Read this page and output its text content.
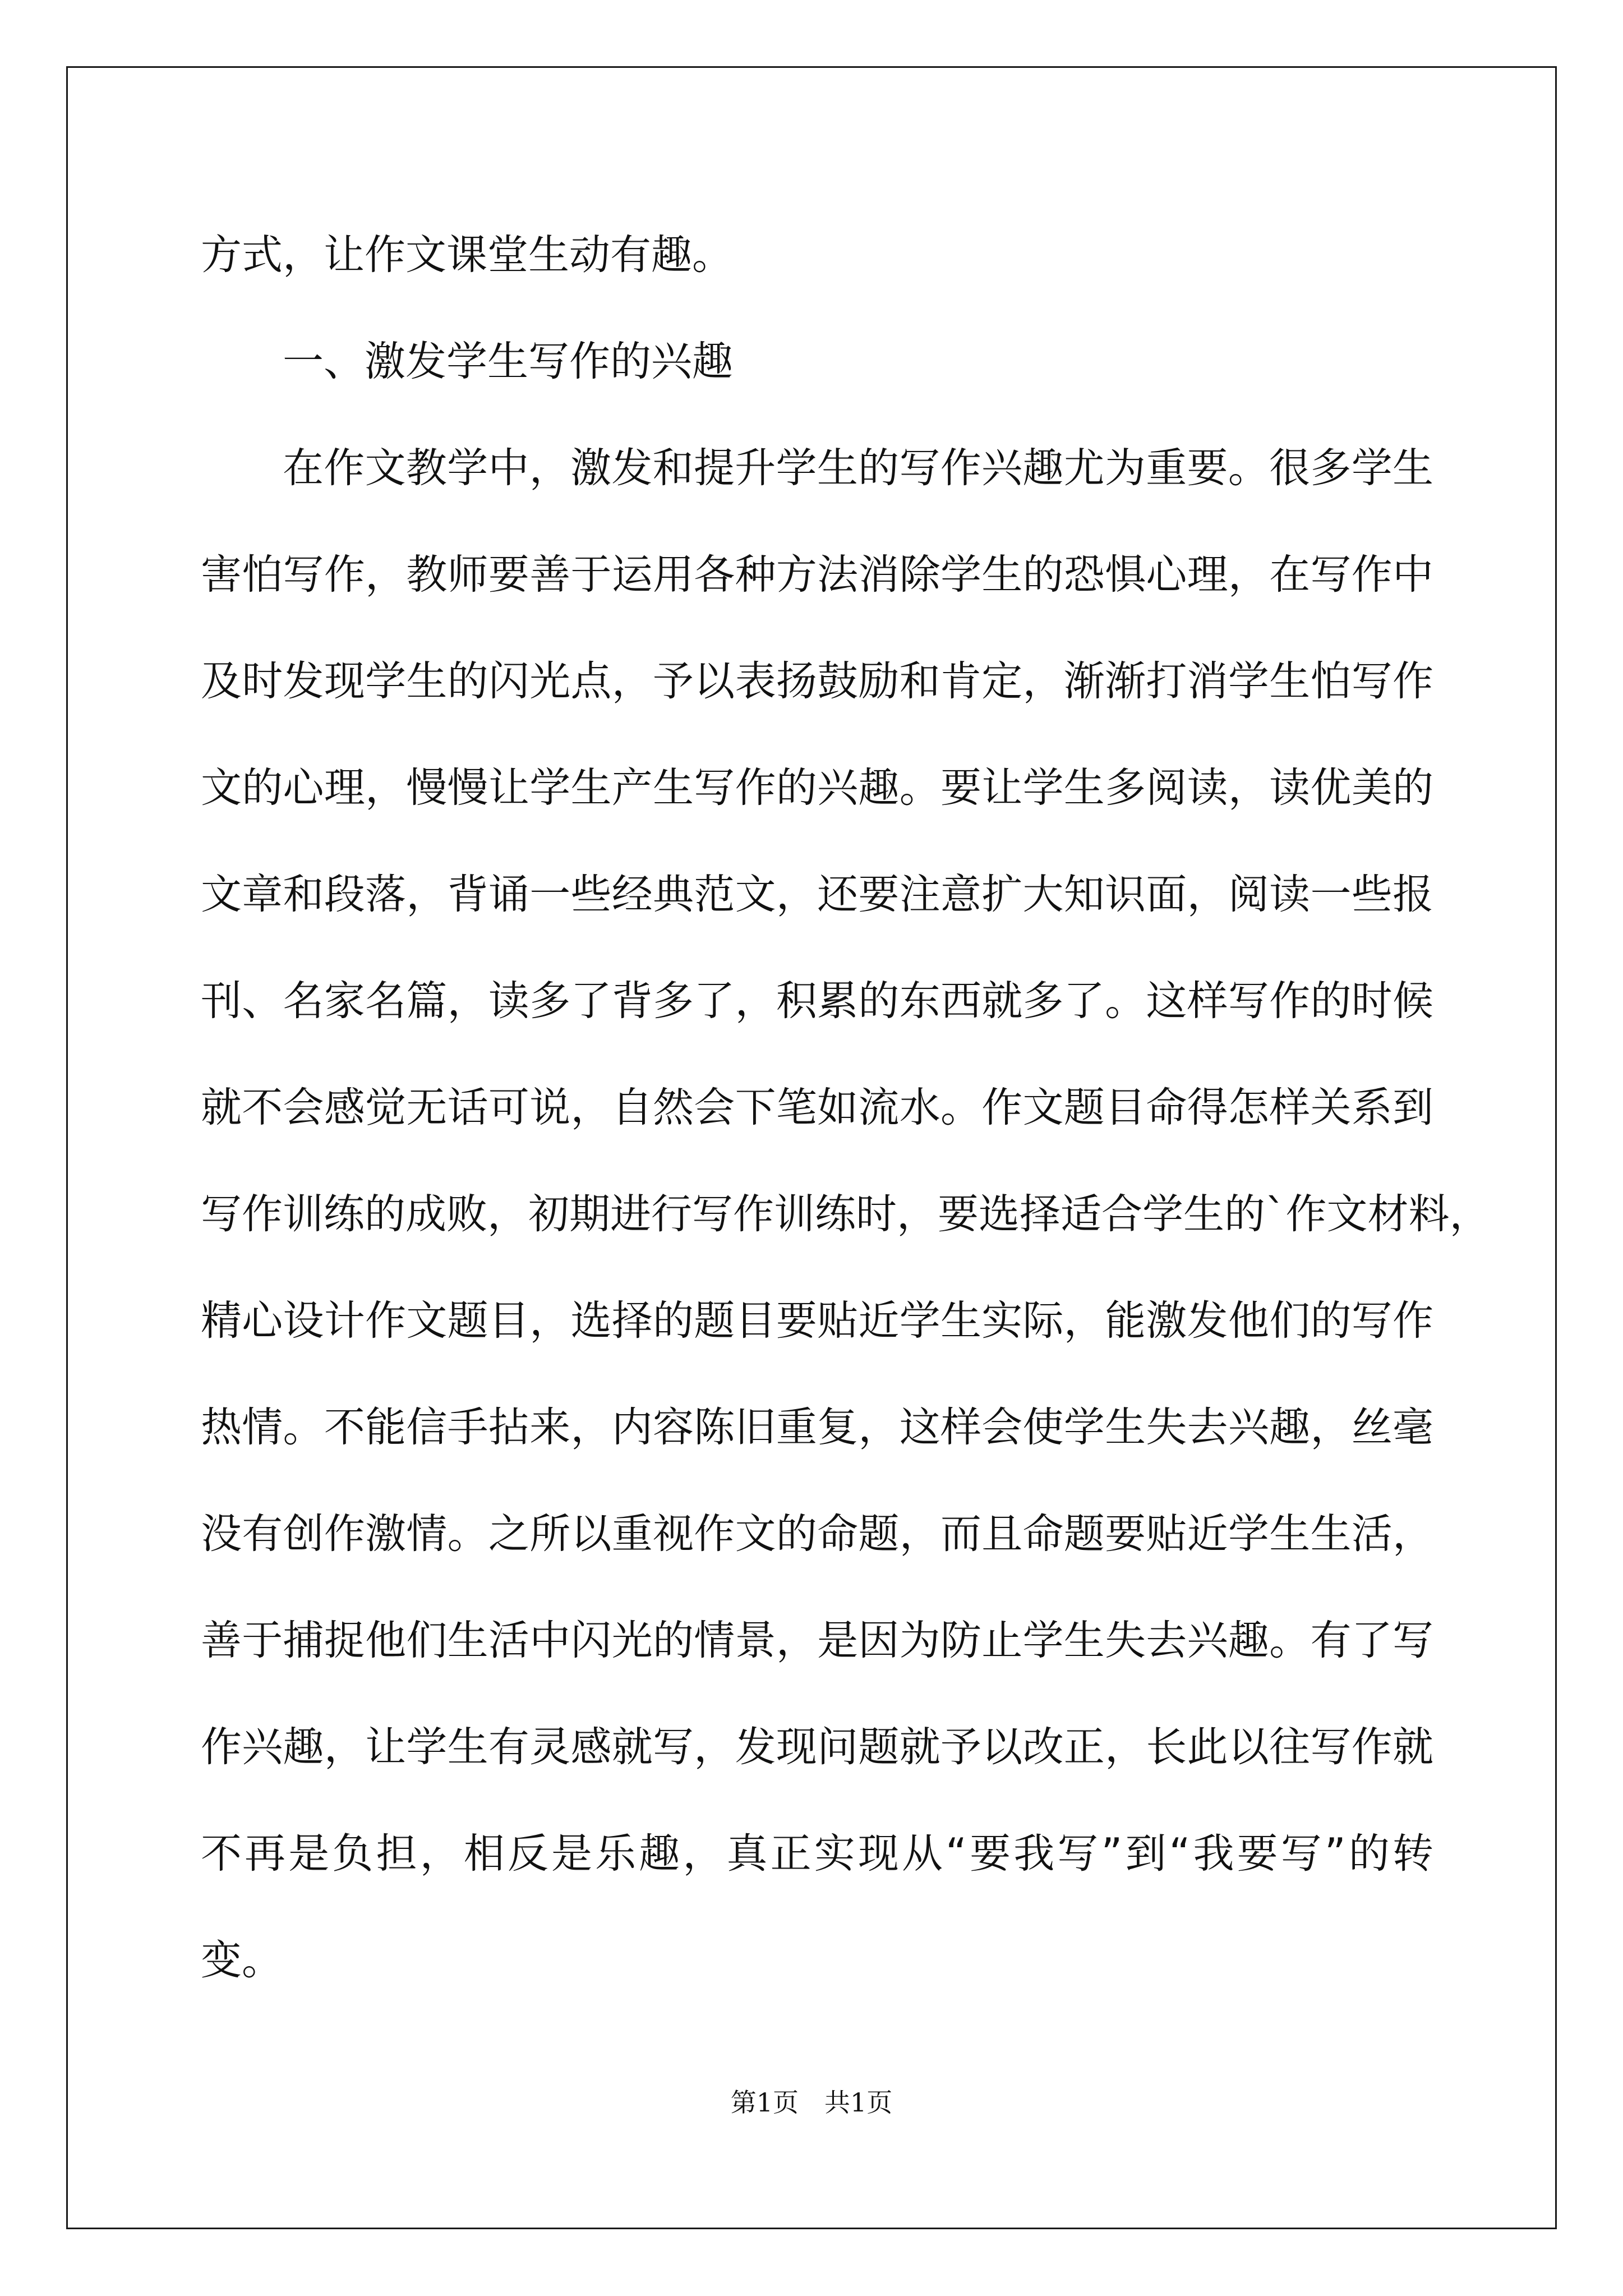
方式，让作文课堂生动有趣。
一、激发学生写作的兴趣
在作文教学中，激发和提升学生的写作兴趣尤为重要。很多学生
害怕写作，教师要善于运用各种方法消除学生的恐惧心理，在写作中
及时发现学生的闪光点，予以表扬鼓励和肯定，渐渐打消学生怕写作
文的心理，慢慢让学生产生写作的兴趣。要让学生多阅读，读优美的
文章和段落，背诵一些经典范文，还要注意扩大知识面，阅读一些报
刊、名家名篇，读多了背多了，积累的东西就多了。这样写作的时候
就不会感觉无话可说，自然会下笔如流水。作文题目命得怎样关系到
写作训练的成败，初期进行写作训练时，要选择适合学生的`作文材料，
精心设计作文题目，选择的题目要贴近学生实际，能激发他们的写作
热情。不能信手拈来，内容陈旧重复，这样会使学生失去兴趣，丝毫
没有创作激情。之所以重视作文的命题，而且命题要贴近学生生活，
善于捕捉他们生活中闪光的情景，是因为防止学生失去兴趣。有了写
作兴趣，让学生有灵感就写，发现问题就予以改正，长此以往写作就
不再是负担，相反是乐趣，真正实现从“要我写”到“我要写”的转
变。
第1页　共1页
